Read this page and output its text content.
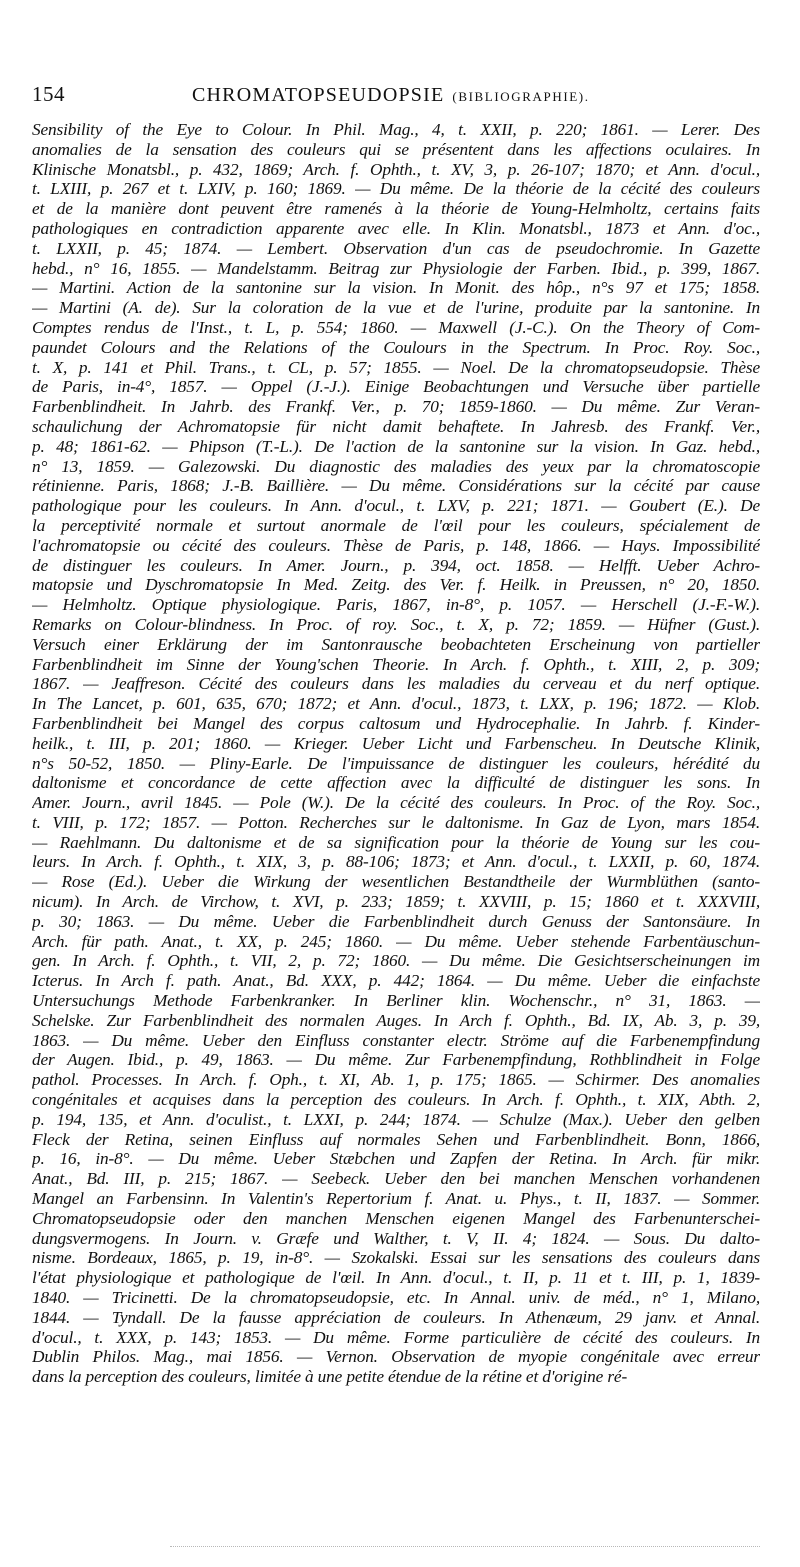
154	CHROMATOPSEUDOPSIE (BIBLIOGRAPHIE).
Sensibility of the Eye to Colour. In Phil. Mag., 4, t. XXII, p. 220; 1861. — Lerer. Des
anomalies de la sensation des couleurs qui se présentent dans les affections oculaires. In
Klinische Monatsbl., p. 432, 1869; Arch. f. Ophth., t. XV, 3, p. 26-107; 1870; et Ann. d'ocul.,
t. LXIII, p. 267 et t. LXIV, p. 160; 1869. — Du même. De la théorie de la cécité des couleurs
et de la manière dont peuvent être ramenés à la théorie de Young-Helmholtz, certains faits
pathologiques en contradiction apparente avec elle. In Klin. Monatsbl., 1873 et Ann. d'oc.,
t. LXXII, p. 45; 1874. — Lembert. Observation d'un cas de pseudochromie. In Gazette
hebd., n° 16, 1855. — Mandelstamm. Beitrag zur Physiologie der Farben. Ibid., p. 399, 1867.
— Martini. Action de la santonine sur la vision. In Monit. des hôp., n°s 97 et 175; 1858.
— Martini (A. de). Sur la coloration de la vue et de l'urine, produite par la santonine. In
Comptes rendus de l'Inst., t. L, p. 554; 1860. — Maxwell (J.-C.). On the Theory of Com-
paundet Colours and the Relations of the Coulours in the Spectrum. In Proc. Roy. Soc.,
t. X, p. 141 et Phil. Trans., t. CL, p. 57; 1855. — Noel. De la chromatopseudopsie. Thèse
de Paris, in-4°, 1857. — Oppel (J.-J.). Einige Beobachtungen und Versuche über partielle
Farbenblindheit. In Jahrb. des Frankf. Ver., p. 70; 1859-1860. — Du même. Zur Veran-
schaulichung der Achromatopsie für nicht damit behaftete. In Jahresb. des Frankf. Ver.,
p. 48; 1861-62. — Phipson (T.-L.). De l'action de la santonine sur la vision. In Gaz. hebd.,
n° 13, 1859. — Galezowski. Du diagnostic des maladies des yeux par la chromatoscopie
rétinienne. Paris, 1868; J.-B. Baillière. — Du même. Considérations sur la cécité par cause
pathologique pour les couleurs. In Ann. d'ocul., t. LXV, p. 221; 1871. — Goubert (E.). De
la perceptivité normale et surtout anormale de l'œil pour les couleurs, spécialement de
l'achromatopsie ou cécité des couleurs. Thèse de Paris, p. 148, 1866. — Hays. Impossibilité
de distinguer les couleurs. In Amer. Journ., p. 394, oct. 1858. — Helfft. Ueber Achro-
matopsie und Dyschromatopsie In Med. Zeitg. des Ver. f. Heilk. in Preussen, n° 20, 1850.
— Helmholtz. Optique physiologique. Paris, 1867, in-8°, p. 1057. — Herschell (J.-F.-W.).
Remarks on Colour-blindness. In Proc. of roy. Soc., t. X, p. 72; 1859. — Hüfner (Gust.).
Versuch einer Erklärung der im Santonrausche beobachteten Erscheinung von partieller
Farbenblindheit im Sinne der Young'schen Theorie. In Arch. f. Ophth., t. XIII, 2, p. 309;
1867. — Jeaffreson. Cécité des couleurs dans les maladies du cerveau et du nerf optique.
In The Lancet, p. 601, 635, 670; 1872; et Ann. d'ocul., 1873, t. LXX, p. 196; 1872. — Klob.
Farbenblindheit bei Mangel des corpus caltosum und Hydrocephalie. In Jahrb. f. Kinder-
heilk., t. III, p. 201; 1860. — Krieger. Ueber Licht und Farbenscheu. In Deutsche Klinik,
n°s 50-52, 1850. — Pliny-Earle. De l'impuissance de distinguer les couleurs, hérédité du
daltonisme et concordance de cette affection avec la difficulté de distinguer les sons. In
Amer. Journ., avril 1845. — Pole (W.). De la cécité des couleurs. In Proc. of the Roy. Soc.,
t. VIII, p. 172; 1857. — Potton. Recherches sur le daltonisme. In Gaz de Lyon, mars 1854.
— Raehlmann. Du daltonisme et de sa signification pour la théorie de Young sur les cou-
leurs. In Arch. f. Ophth., t. XIX, 3, p. 88-106; 1873; et Ann. d'ocul., t. LXXII, p. 60, 1874.
— Rose (Ed.). Ueber die Wirkung der wesentlichen Bestandtheile der Wurmblüthen (santo-
nicum). In Arch. de Virchow, t. XVI, p. 233; 1859; t. XXVIII, p. 15; 1860 et t. XXXVIII,
p. 30; 1863. — Du même. Ueber die Farbenblindheit durch Genuss der Santonsäure. In
Arch. für path. Anat., t. XX, p. 245; 1860. — Du même. Ueber stehende Farbentäuschun-
gen. In Arch. f. Ophth., t. VII, 2, p. 72; 1860. — Du même. Die Gesichtserscheinungen im
Icterus. In Arch f. path. Anat., Bd. XXX, p. 442; 1864. — Du même. Ueber die einfachste
Untersuchungs Methode Farbenkranker. In Berliner klin. Wochenschr., n° 31, 1863. —
Schelske. Zur Farbenblindheit des normalen Auges. In Arch f. Ophth., Bd. IX, Ab. 3, p. 39,
1863. — Du même. Ueber den Einfluss constanter electr. Ströme auf die Farbenempfindung
der Augen. Ibid., p. 49, 1863. — Du même. Zur Farbenempfindung, Rothblindheit in Folge
pathol. Processes. In Arch. f. Oph., t. XI, Ab. 1, p. 175; 1865. — Schirmer. Des anomalies
congénitales et acquises dans la perception des couleurs. In Arch. f. Ophth., t. XIX, Abth. 2,
p. 194, 135, et Ann. d'oculist., t. LXXI, p. 244; 1874. — Schulze (Max.). Ueber den gelben
Fleck der Retina, seinen Einfluss auf normales Sehen und Farbenblindheit. Bonn, 1866,
p. 16, in-8°. — Du même. Ueber Stæbchen und Zapfen der Retina. In Arch. für mikr.
Anat., Bd. III, p. 215; 1867. — Seebeck. Ueber den bei manchen Menschen vorhandenen
Mangel an Farbensinn. In Valentin's Repertorium f. Anat. u. Phys., t. II, 1837. — Sommer.
Chromatopseudopsie oder den manchen Menschen eigenen Mangel des Farbenunterschei-
dungsvermogens. In Journ. v. Græfe und Walther, t. V, II. 4; 1824. — Sous. Du dalto-
nisme. Bordeaux, 1865, p. 19, in-8°. — Szokalski. Essai sur les sensations des couleurs dans
l'état physiologique et pathologique de l'œil. In Ann. d'ocul., t. II, p. 11 et t. III, p. 1, 1839-
1840. — Tricinetti. De la chromatopseudopsie, etc. In Annal. univ. de méd., n° 1, Milano,
1844. — Tyndall. De la fausse appréciation de couleurs. In Athenæum, 29 janv. et Annal.
d'ocul., t. XXX, p. 143; 1853. — Du même. Forme particulière de cécité des couleurs. In
Dublin Philos. Mag., mai 1856. — Vernon. Observation de myopie congénitale avec erreur
dans la perception des couleurs, limitée à une petite étendue de la rétine et d'origine ré-
